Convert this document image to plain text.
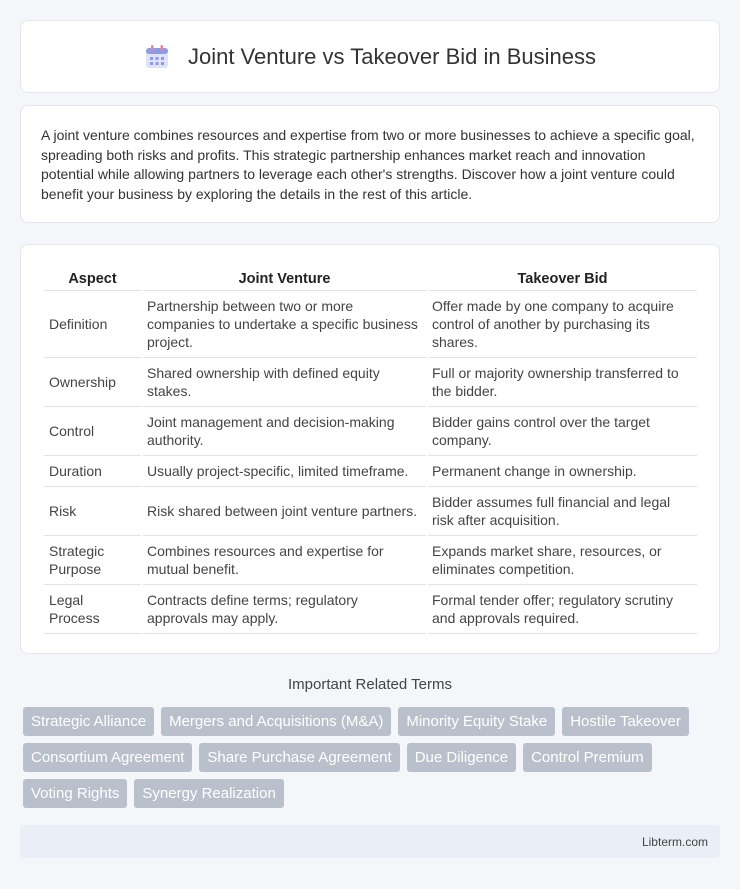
Joint Venture vs Takeover Bid in Business

A joint venture combines resources and expertise from two or more businesses to achieve a specific goal, spreading both risks and profits. This strategic partnership enhances market reach and innovation potential while allowing partners to leverage each other's strengths. Discover how a joint venture could benefit your business by exploring the details in the rest of this article.

Aspect	Joint Venture	Takeover Bid
Definition	Partnership between two or more companies to undertake a specific business project.	Offer made by one company to acquire control of another by purchasing its shares.
Ownership	Shared ownership with defined equity stakes.	Full or majority ownership transferred to the bidder.
Control	Joint management and decision-making authority.	Bidder gains control over the target company.
Duration	Usually project-specific, limited timeframe.	Permanent change in ownership.
Risk	Risk shared between joint venture partners.	Bidder assumes full financial and legal risk after acquisition.
Strategic Purpose	Combines resources and expertise for mutual benefit.	Expands market share, resources, or eliminates competition.
Legal Process	Contracts define terms; regulatory approvals may apply.	Formal tender offer; regulatory scrutiny and approvals required.
Important Related Terms
Strategic Alliance	Mergers and Acquisitions (M&A)	Minority Equity Stake	Hostile Takeover
Consortium Agreement	Share Purchase Agreement	Due Diligence	Control Premium
Voting Rights	Synergy Realization
Libterm.com
